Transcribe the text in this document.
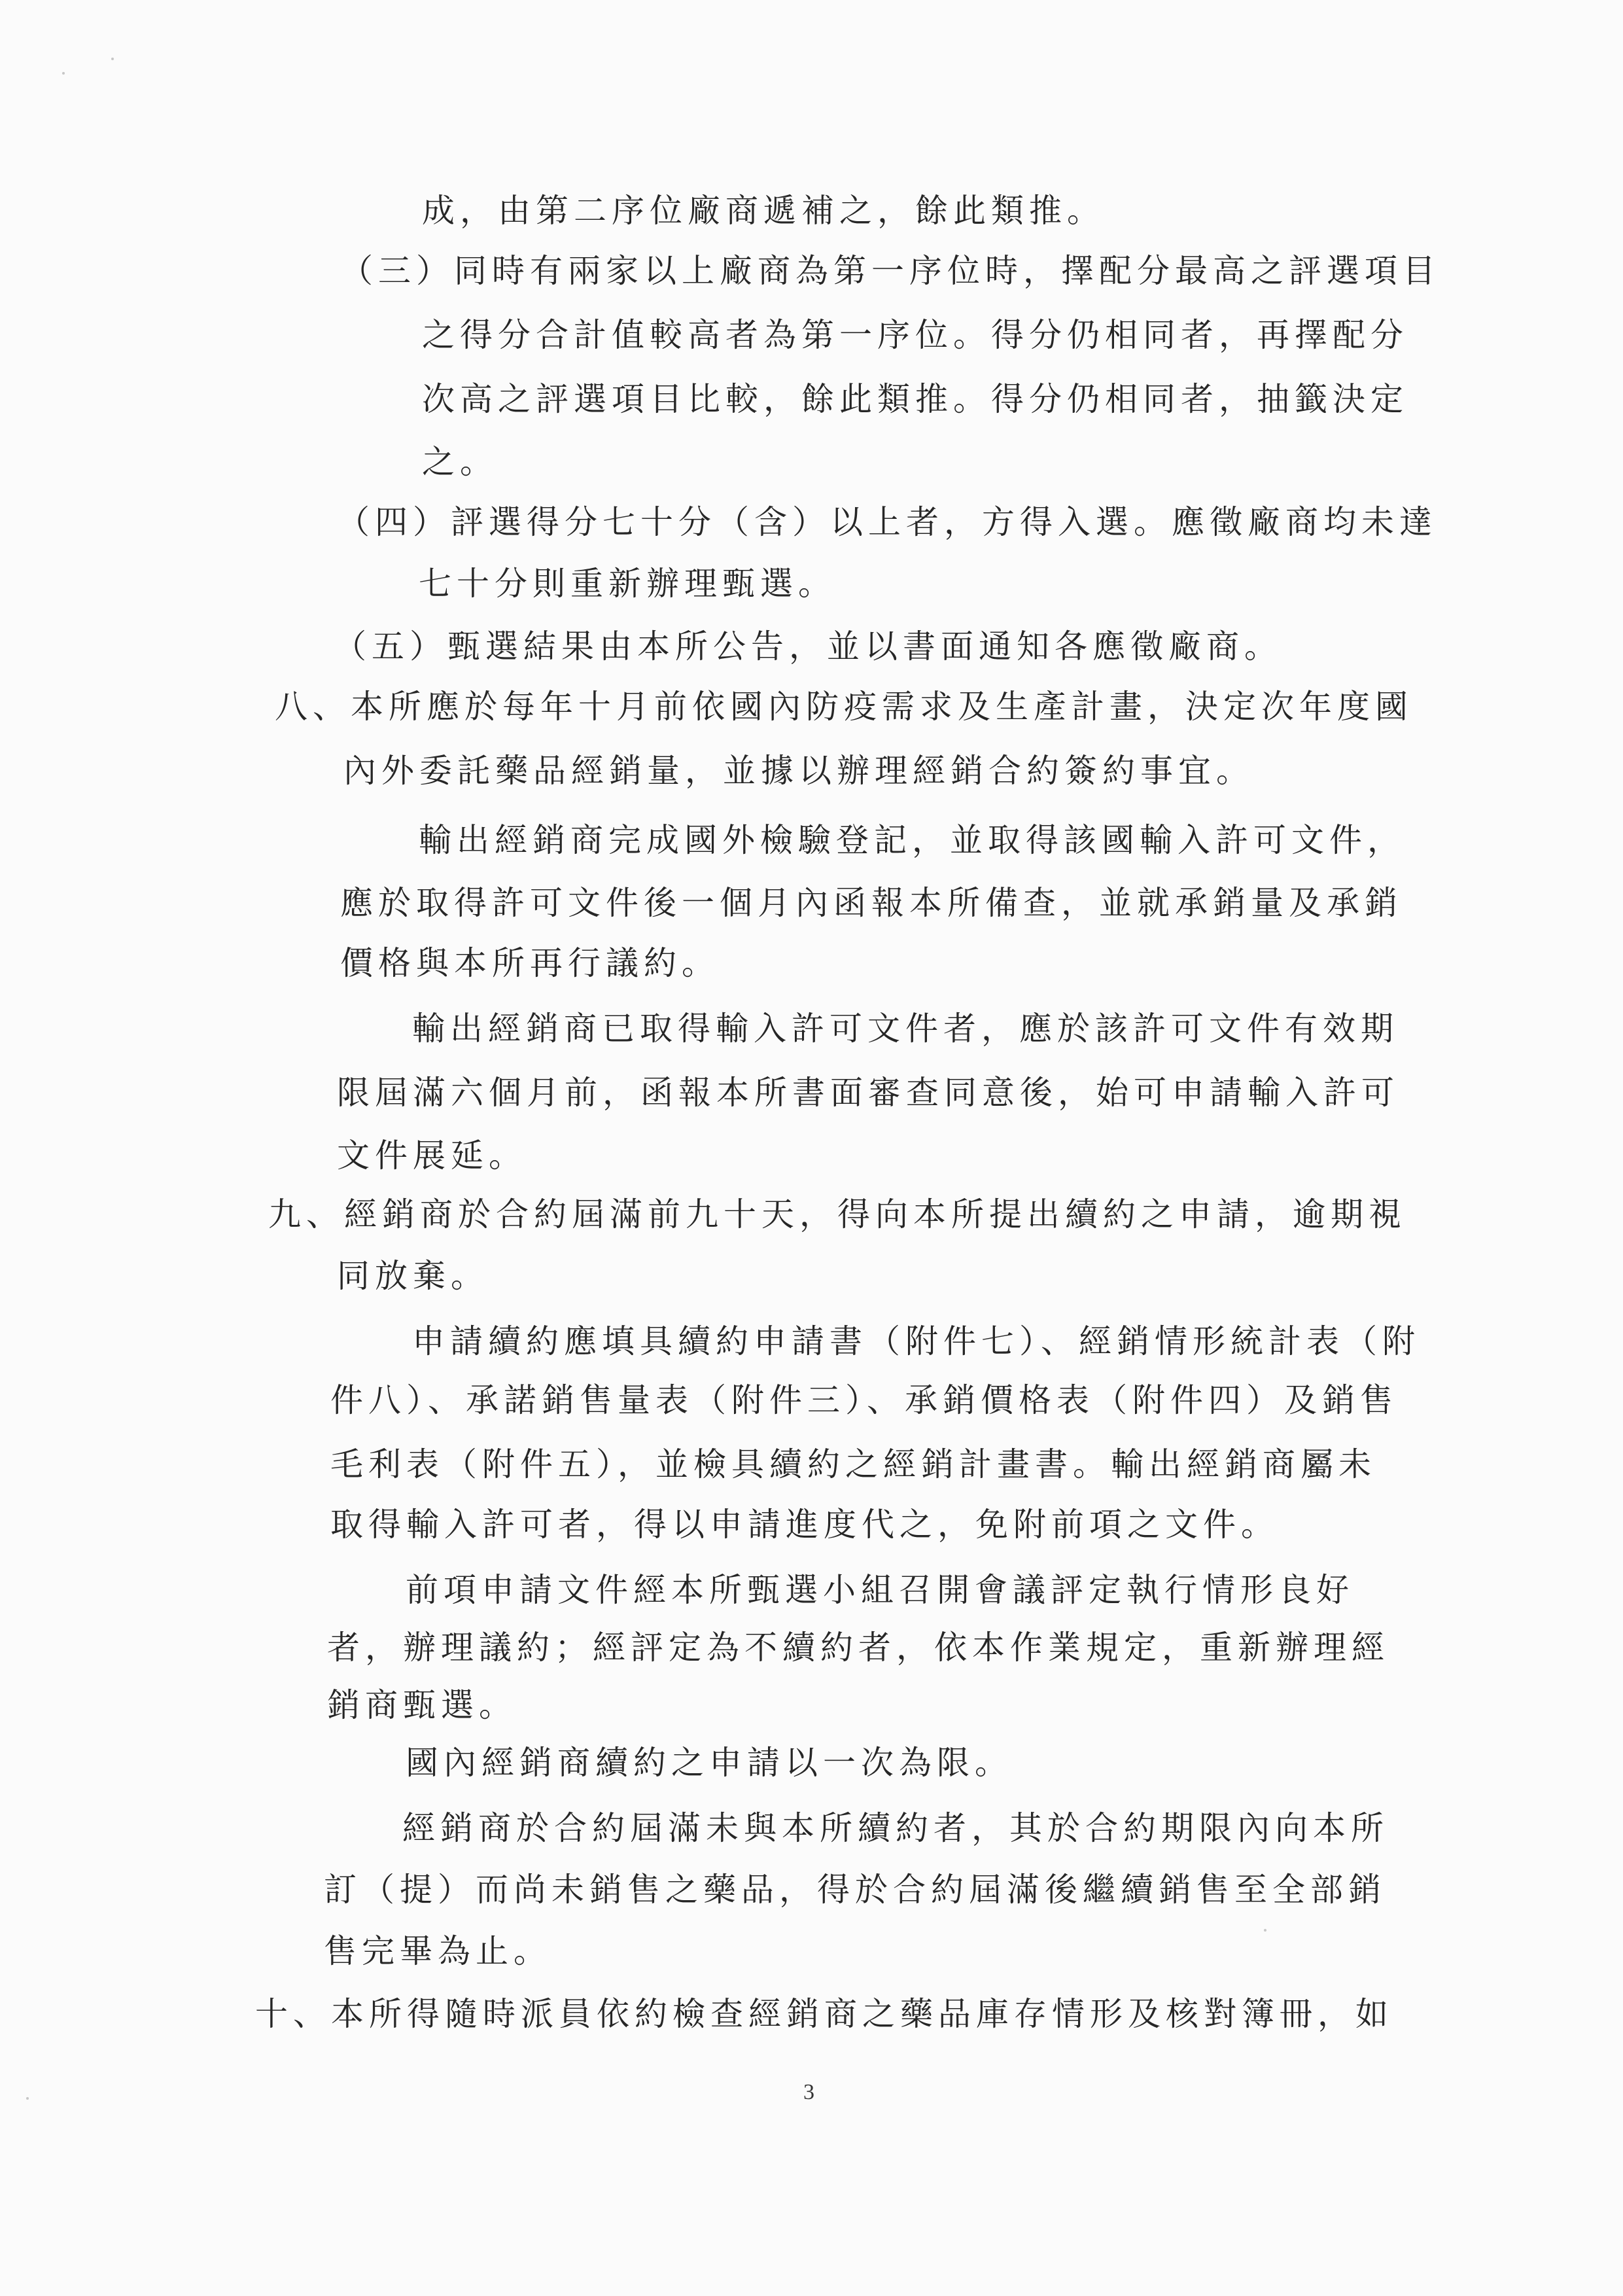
成，由第二序位廠商遞補之，餘此類推。
（三）同時有兩家以上廠商為第一序位時，擇配分最高之評選項目
之得分合計值較高者為第一序位。得分仍相同者，再擇配分
次高之評選項目比較，餘此類推。得分仍相同者，抽籤決定
之。
（四）評選得分七十分（含）以上者，方得入選。應徵廠商均未達
七十分則重新辦理甄選。
（五）甄選結果由本所公告，並以書面通知各應徵廠商。
八、本所應於每年十月前依國內防疫需求及生產計畫，決定次年度國
內外委託藥品經銷量，並據以辦理經銷合約簽約事宜。
輸出經銷商完成國外檢驗登記，並取得該國輸入許可文件，
應於取得許可文件後一個月內函報本所備查，並就承銷量及承銷
價格與本所再行議約。
輸出經銷商已取得輸入許可文件者，應於該許可文件有效期
限屆滿六個月前，函報本所書面審查同意後，始可申請輸入許可
文件展延。
九、經銷商於合約屆滿前九十天，得向本所提出續約之申請，逾期視
同放棄。
申請續約應填具續約申請書（附件七）、經銷情形統計表（附
件八）、承諾銷售量表（附件三）、承銷價格表（附件四）及銷售
毛利表（附件五），並檢具續約之經銷計畫書。輸出經銷商屬未
取得輸入許可者，得以申請進度代之，免附前項之文件。
前項申請文件經本所甄選小組召開會議評定執行情形良好
者，辦理議約；經評定為不續約者，依本作業規定，重新辦理經
銷商甄選。
國內經銷商續約之申請以一次為限。
經銷商於合約屆滿未與本所續約者，其於合約期限內向本所
訂（提）而尚未銷售之藥品，得於合約屆滿後繼續銷售至全部銷
售完畢為止。
十、本所得隨時派員依約檢查經銷商之藥品庫存情形及核對簿冊，如
3
